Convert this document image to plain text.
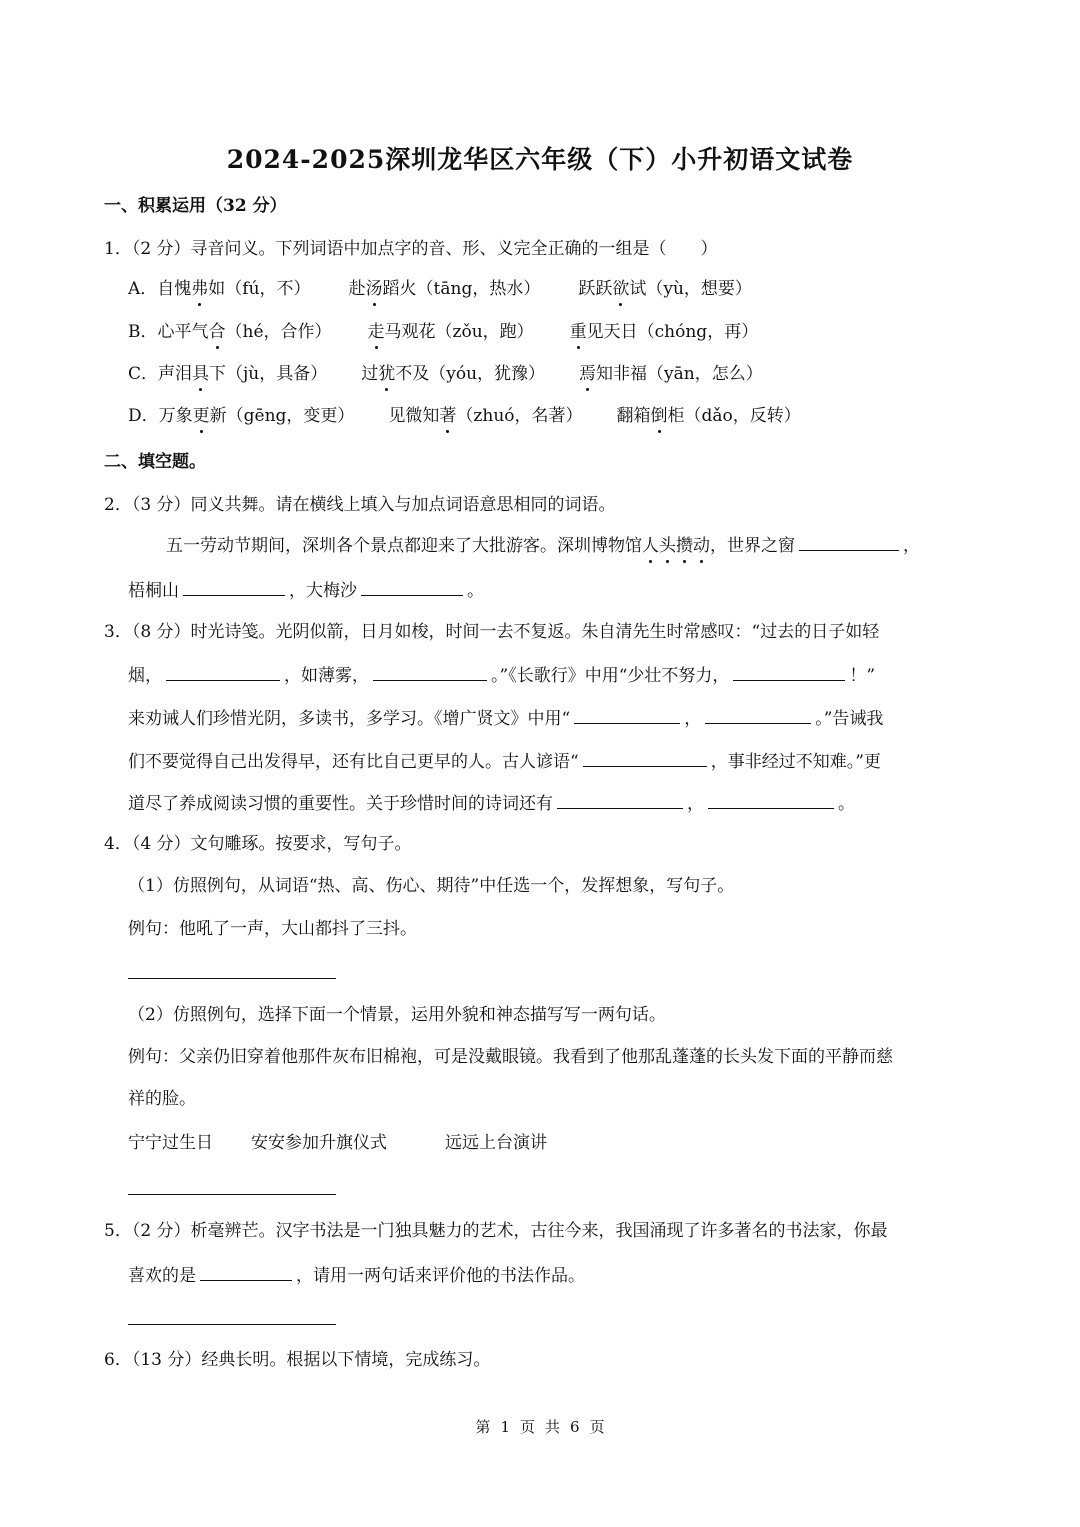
2024-2025深圳龙华区六年级（下）小升初语文试卷
一、积累运用（32 分）
1．（2 分）寻音问义。下列词语中加点字的音、形、义完全正确的一组是（　　）
A．自愧弗如（fú，不） 赴汤蹈火（tāng，热水） 跃跃欲试（yù，想要）
B．心平气合（hé，合作） 走马观花（zǒu，跑） 重见天日（chóng，再）
C．声泪具下（jù，具备） 过犹不及（yóu，犹豫） 焉知非福（yān，怎么）
D．万象更新（gēng，变更） 见微知著（zhuó，名著） 翻箱倒柜（dǎo，反转）
二、填空题。
2．（3 分）同义共舞。请在横线上填入与加点词语意思相同的词语。
五一劳动节期间，深圳各个景点都迎来了大批游客。深圳博物馆人头攒动，世界之窗	，
梧桐山	，大梅沙	。
3．（8 分）时光诗笺。光阴似箭，日月如梭，时间一去不复返。朱自清先生时常感叹：“过去的日子如轻
烟，	，如薄雾，	。”《长歌行》中用“少壮不努力，	！”
来劝诫人们珍惜光阴，多读书，多学习。《增广贤文》中用“	，	。”告诫我
们不要觉得自己出发得早，还有比自己更早的人。古人谚语“	，事非经过不知难。”更
道尽了养成阅读习惯的重要性。关于珍惜时间的诗词还有	，	。
4．（4 分）文句雕琢。按要求，写句子。
（1）仿照例句，从词语“热、高、伤心、期待”中任选一个，发挥想象，写句子。
例句：他吼了一声，大山都抖了三抖。
（2）仿照例句，选择下面一个情景，运用外貌和神态描写写一两句话。
例句：父亲仍旧穿着他那件灰布旧棉袍，可是没戴眼镜。我看到了他那乱蓬蓬的长头发下面的平静而慈
祥的脸。
宁宁过生日 安安参加升旗仪式	远远上台演讲
5．（2 分）析毫辨芒。汉字书法是一门独具魅力的艺术，古往今来，我国涌现了许多著名的书法家，你最
喜欢的是	，请用一两句话来评价他的书法作品。
6．（13 分）经典长明。根据以下情境，完成练习。
第 1 页 共 6 页
